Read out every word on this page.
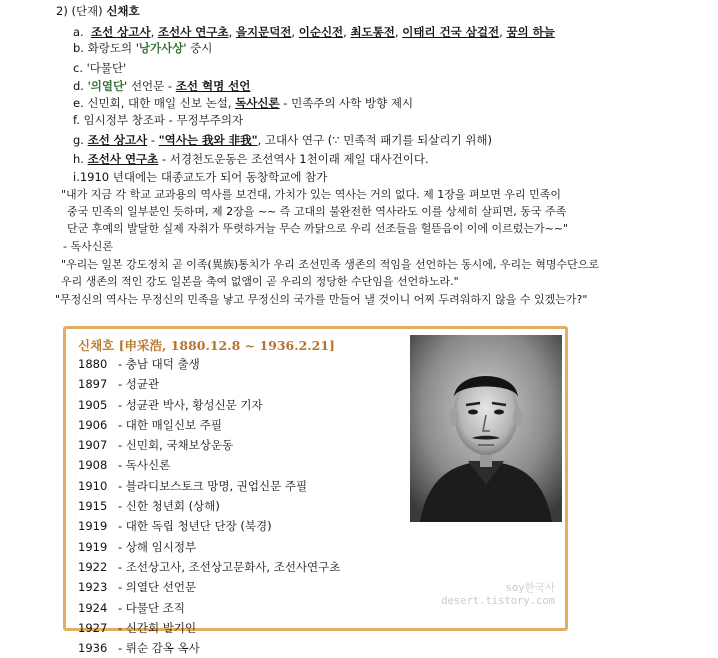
2) (단재) 신채호
a. 조선 상고사, 조선사 연구초, 을지문덕전, 이순신전, 최도통전, 이태리 건국 삼걸전, 꿈의 하늘
b. 화랑도의 '낭가사상' 중시
c. '다물단'
d. '의열단' 선언문 - 조선 혁명 선언
e. 신민회, 대한 매일 신보 논설, 독사신론 - 민족주의 사학 방향 제시
f. 임시정부 창조파 - 무정부주의자
g. 조선 상고사 - "역사는 我와 非我", 고대사 연구 (∵ 민족적 패기를 되살리기 위해)
h. 조선사 연구초 - 서경천도운동은 조선역사 1천이래 제일 대사건이다.
i.1910 년대에는 대종교도가 되어 동창학교에 참가
"내가 지금 각 학교 교과용의 역사를 보건대, 가치가 있는 역사는 거의 없다. 제 1장을 펴보면 우리 민족이
중국 민족의 일부분인 듯하며, 제 2장을 ~~ 즉 고대의 불완전한 역사라도 이를 상세히 살피면, 동국 주족
단군 후예의 발달한 실제 자취가 뚜렷하거늘 무슨 까닭으로 우리 선조들을 헐뜯음이 이에 이르렀는가~~"
- 독사신론
"우리는 일본 강도정치 곧 이족(異族)통치가 우리 조선민족 생존의 적임을 선언하는 동시에, 우리는 혁명수단으로
우리 생존의 적인 강도 일본을 축여 없앰이 곧 우리의 정당한 수단임을 선언하노라."
"무정신의 역사는 무정신의 민족을 낳고 무정신의 국가를 만들어 낼 것이니 어찌 두려워하지 않을 수 있겠는가?"
신채호 [申采浩, 1880.12.8 ~ 1936.2.21]
1880 - 충남 대덕 출생
1897 - 성균관
1905 - 성균관 박사, 황성신문 기자
1906 - 대한 매일신보 주필
1907 - 신민회, 국채보상운동
1908 - 독사신론
1910 - 블라디보스토크 망명, 권업신문 주필
1915 - 신한 청년회 (상해)
1919 - 대한 독립 청년단 단장 (북경)
1919 - 상해 임시정부
1922 - 조선상고사, 조선상고문화사, 조선사연구초
1923 - 의열단 선언문
1924 - 다물단 조직
1927 - 신간회 발기인
1936 - 뤼순 감옥 옥사
soy한국사
desert.tistory.com
